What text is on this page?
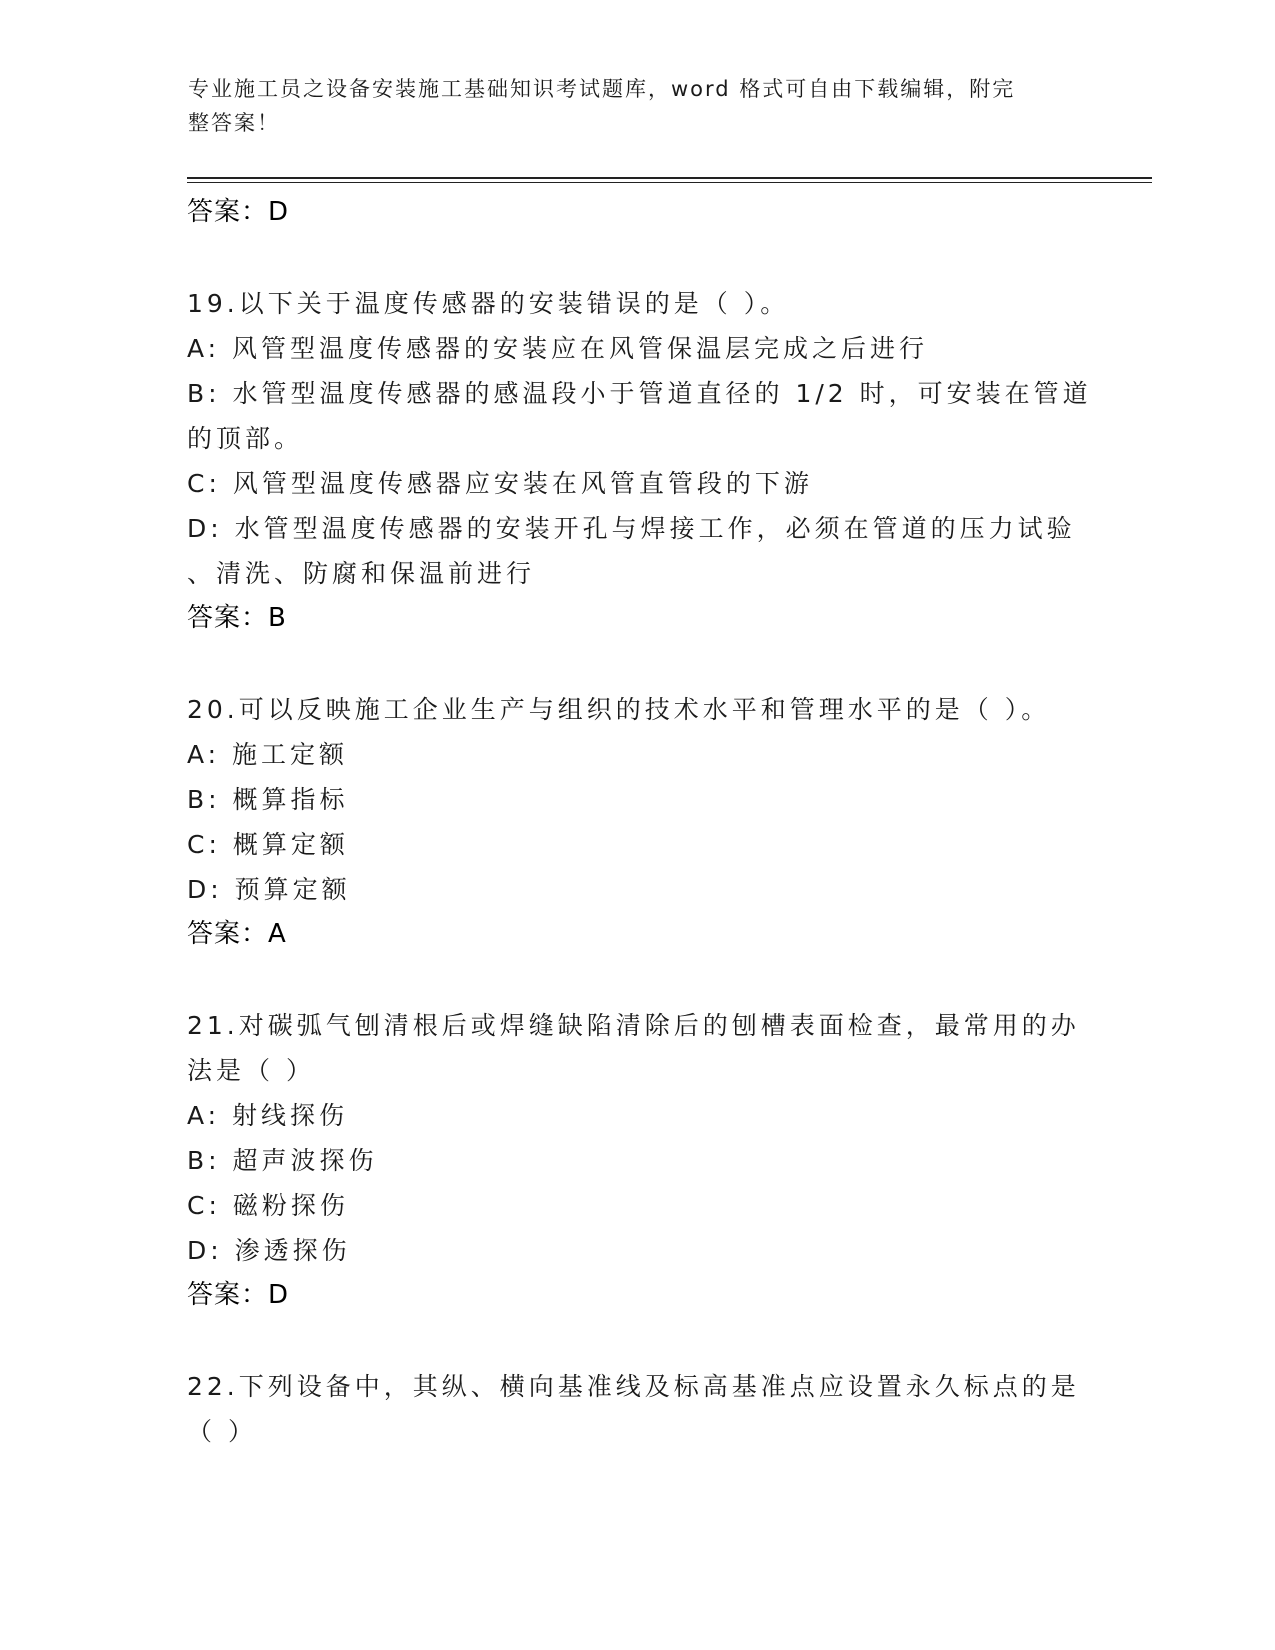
专业施工员之设备安装施工基础知识考试题库，word 格式可自由下载编辑，附完
整答案！
答案：D
19.以下关于温度传感器的安装错误的是（ ）。
A: 风管型温度传感器的安装应在风管保温层完成之后进行
B: 水管型温度传感器的感温段小于管道直径的 1/2 时，可安装在管道
的顶部。
C: 风管型温度传感器应安装在风管直管段的下游
D: 水管型温度传感器的安装开孔与焊接工作，必须在管道的压力试验
、清洗、防腐和保温前进行
答案：B
20.可以反映施工企业生产与组织的技术水平和管理水平的是（ ）。
A: 施工定额
B: 概算指标
C: 概算定额
D: 预算定额
答案：A
21.对碳弧气刨清根后或焊缝缺陷清除后的刨槽表面检查，最常用的办
法是（ ）
A: 射线探伤
B: 超声波探伤
C: 磁粉探伤
D: 渗透探伤
答案：D
22.下列设备中，其纵、横向基准线及标高基准点应设置永久标点的是
（ ）
